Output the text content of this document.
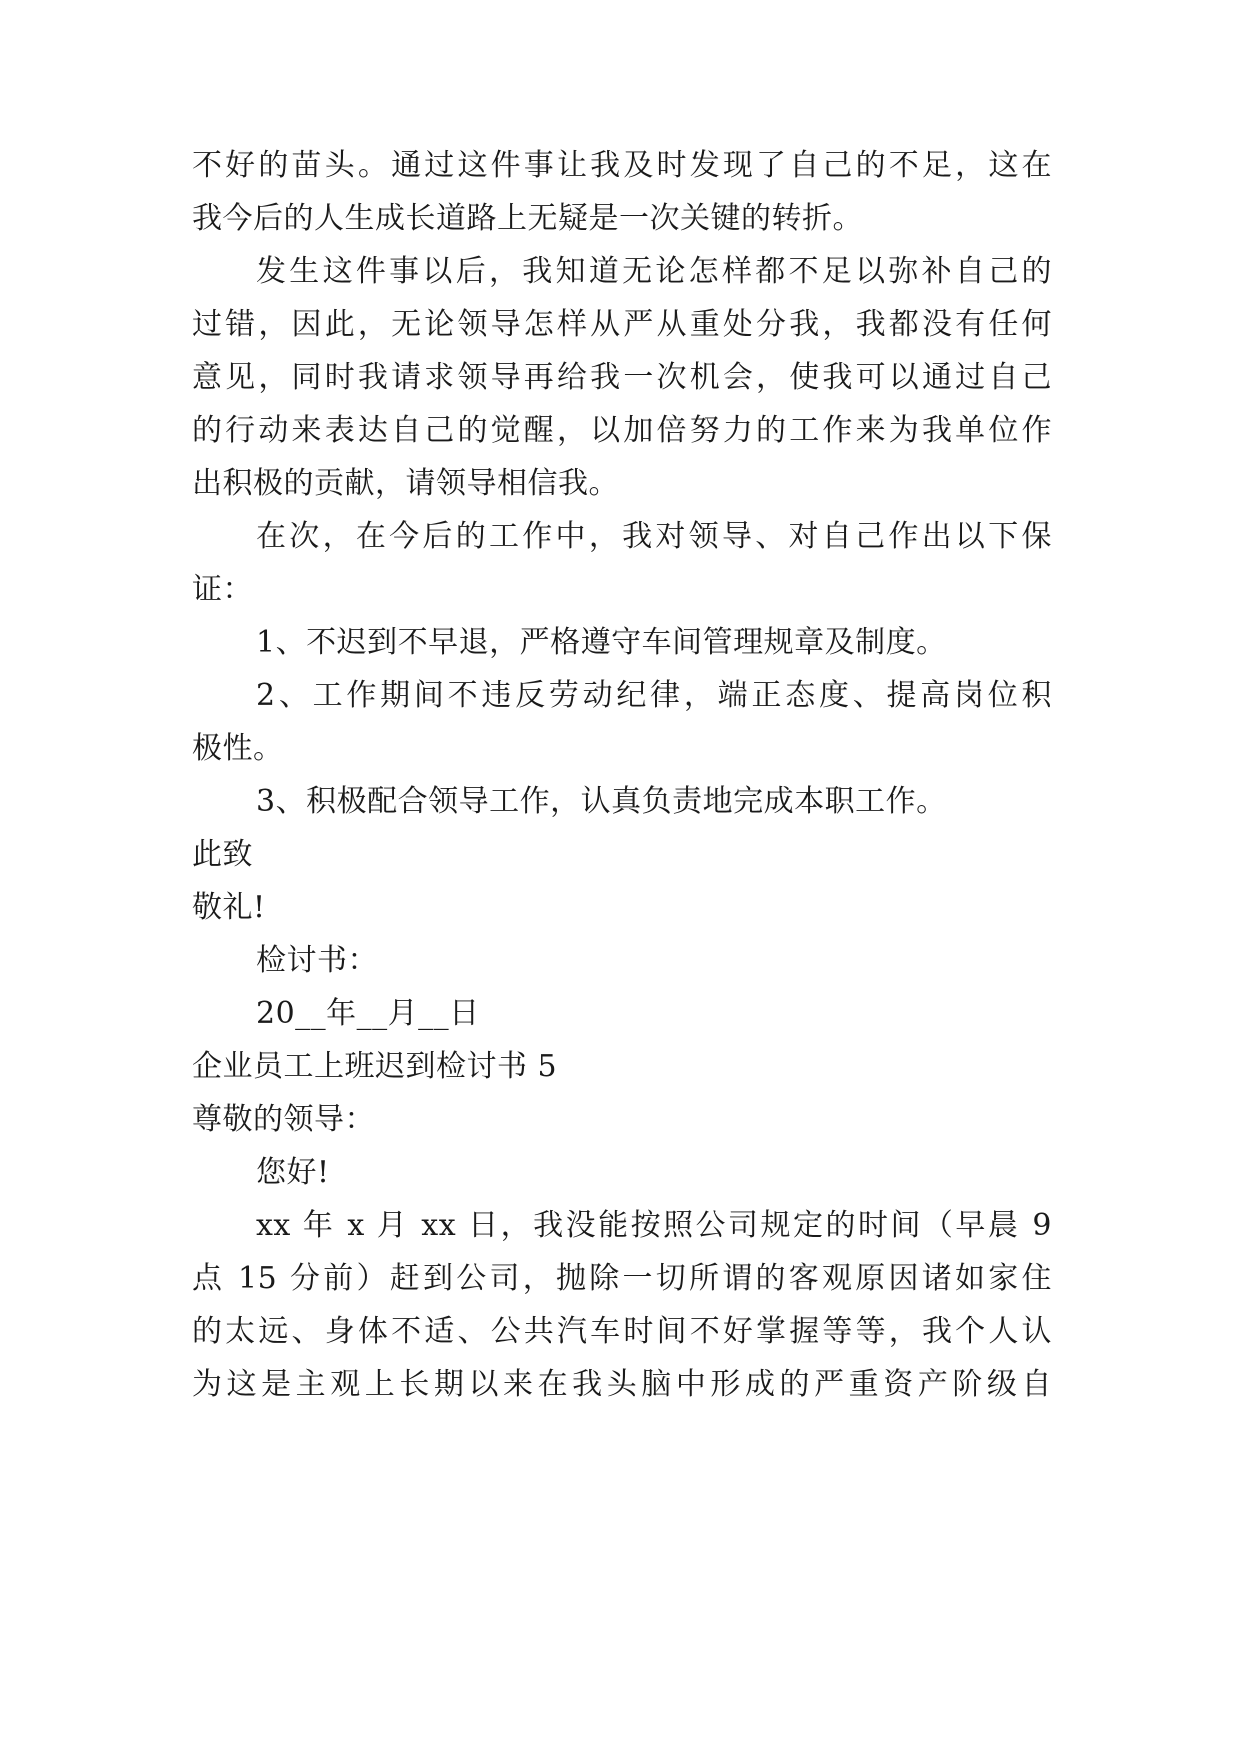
不好的苗头。通过这件事让我及时发现了自己的不足，这在
我今后的人生成长道路上无疑是一次关键的转折。
发生这件事以后，我知道无论怎样都不足以弥补自己的
过错，因此，无论领导怎样从严从重处分我，我都没有任何
意见，同时我请求领导再给我一次机会，使我可以通过自己
的行动来表达自己的觉醒，以加倍努力的工作来为我单位作
出积极的贡献，请领导相信我。
在次，在今后的工作中，我对领导、对自己作出以下保
证：
1、不迟到不早退，严格遵守车间管理规章及制度。
2、工作期间不违反劳动纪律，端正态度、提高岗位积
极性。
3、积极配合领导工作，认真负责地完成本职工作。
此致
敬礼!
检讨书：
20__年__月__日
企业员工上班迟到检讨书 5
尊敬的领导：
您好!
xx 年 x 月 xx 日，我没能按照公司规定的时间（早晨 9
点 15 分前）赶到公司，抛除一切所谓的客观原因诸如家住
的太远、身体不适、公共汽车时间不好掌握等等，我个人认
为这是主观上长期以来在我头脑中形成的严重资产阶级自
